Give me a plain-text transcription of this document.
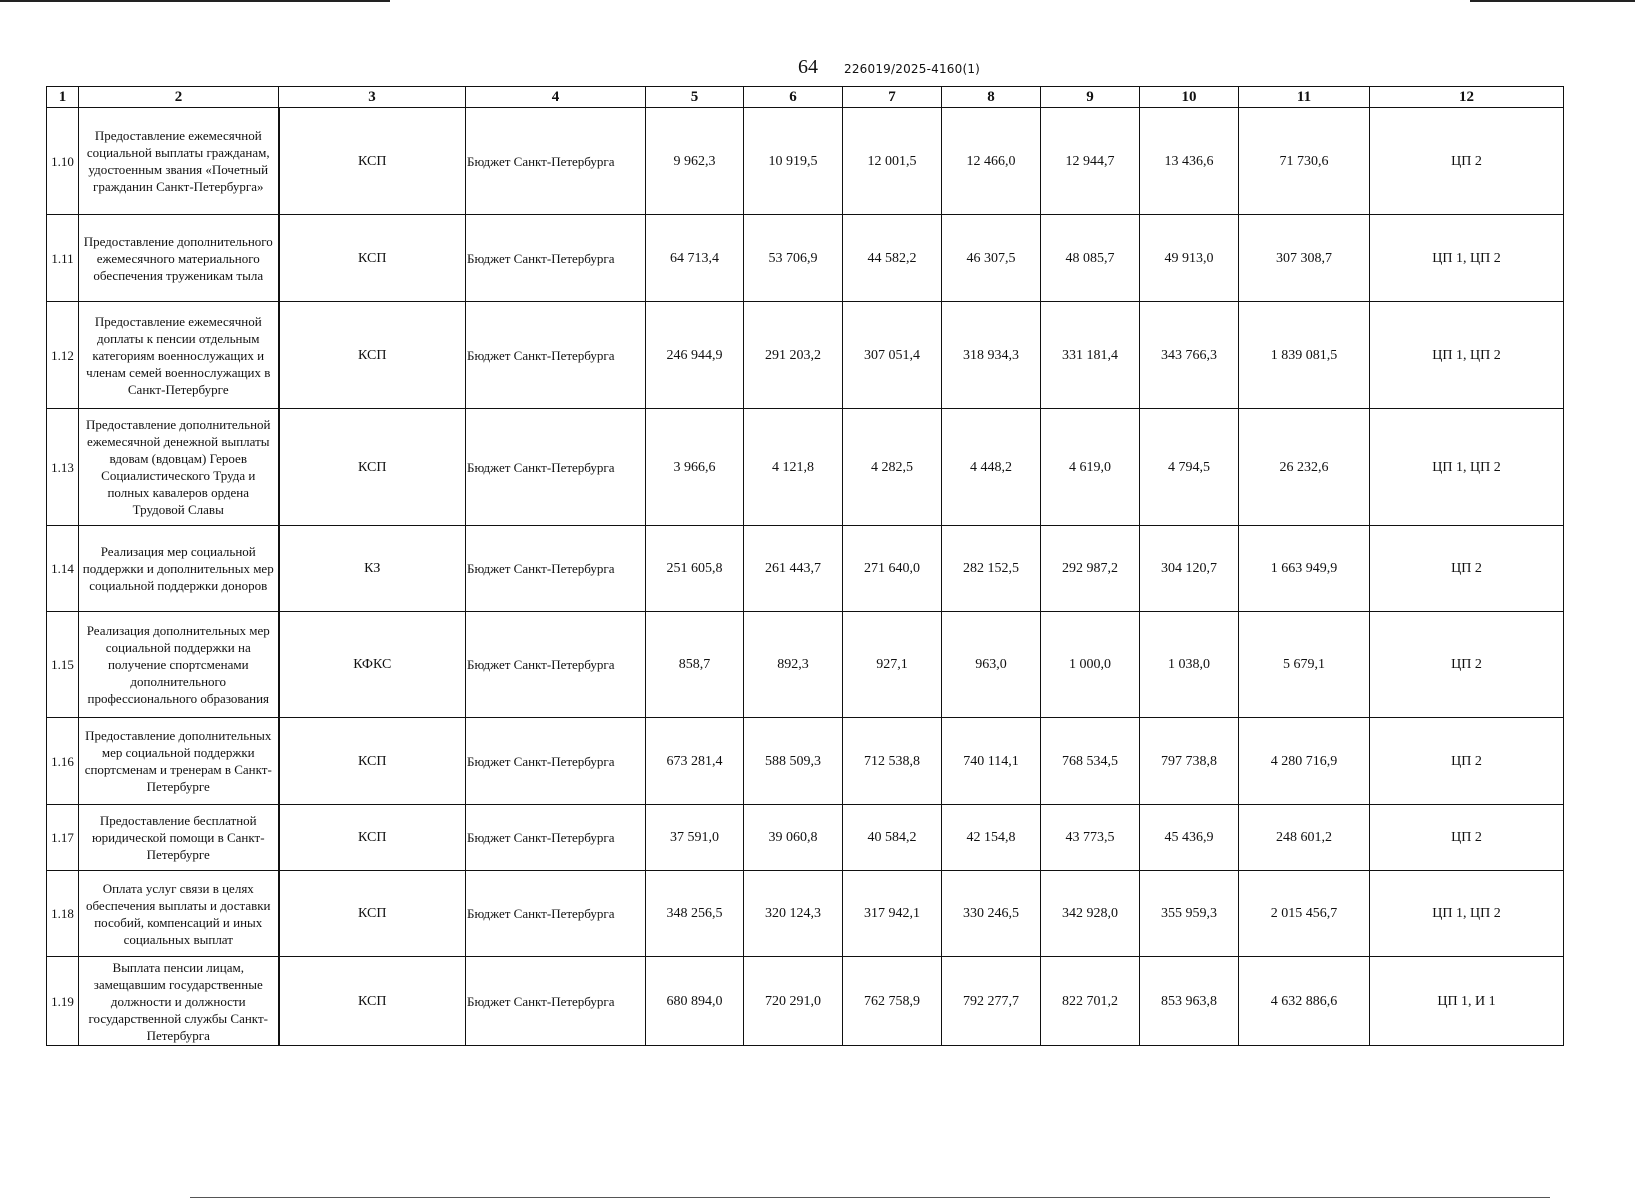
64 226019/2025-4160(1)
1	2	3	4	5	6	7	8	9	10	11	12
1.10	Предоставление ежемесячной социальной выплаты гражданам, удостоенным звания «Почетный гражданин Санкт-Петербурга»	КСП	Бюджет Санкт-Петербурга	9 962,3	10 919,5	12 001,5	12 466,0	12 944,7	13 436,6	71 730,6	ЦП 2
1.11	Предоставление дополнительного ежемесячного материального обеспечения труженикам тыла	КСП	Бюджет Санкт-Петербурга	64 713,4	53 706,9	44 582,2	46 307,5	48 085,7	49 913,0	307 308,7	ЦП 1, ЦП 2
1.12	Предоставление ежемесячной доплаты к пенсии отдельным категориям военнослужащих и членам семей военнослужащих в Санкт-Петербурге	КСП	Бюджет Санкт-Петербурга	246 944,9	291 203,2	307 051,4	318 934,3	331 181,4	343 766,3	1 839 081,5	ЦП 1, ЦП 2
1.13	Предоставление дополнительной ежемесячной денежной выплаты вдовам (вдовцам) Героев Социалистического Труда и полных кавалеров ордена Трудовой Славы	КСП	Бюджет Санкт-Петербурга	3 966,6	4 121,8	4 282,5	4 448,2	4 619,0	4 794,5	26 232,6	ЦП 1, ЦП 2
1.14	Реализация мер социальной поддержки и дополнительных мер социальной поддержки доноров	КЗ	Бюджет Санкт-Петербурга	251 605,8	261 443,7	271 640,0	282 152,5	292 987,2	304 120,7	1 663 949,9	ЦП 2
1.15	Реализация дополнительных мер социальной поддержки на получение спортсменами дополнительного профессионального образования	КФКС	Бюджет Санкт-Петербурга	858,7	892,3	927,1	963,0	1 000,0	1 038,0	5 679,1	ЦП 2
1.16	Предоставление дополнительных мер социальной поддержки спортсменам и тренерам в Санкт-Петербурге	КСП	Бюджет Санкт-Петербурга	673 281,4	588 509,3	712 538,8	740 114,1	768 534,5	797 738,8	4 280 716,9	ЦП 2
1.17	Предоставление бесплатной юридической помощи в Санкт-Петербурге	КСП	Бюджет Санкт-Петербурга	37 591,0	39 060,8	40 584,2	42 154,8	43 773,5	45 436,9	248 601,2	ЦП 2
1.18	Оплата услуг связи в целях обеспечения выплаты и доставки пособий, компенсаций и иных социальных выплат	КСП	Бюджет Санкт-Петербурга	348 256,5	320 124,3	317 942,1	330 246,5	342 928,0	355 959,3	2 015 456,7	ЦП 1, ЦП 2
1.19	Выплата пенсии лицам, замещавшим государственные должности и должности государственной службы Санкт-Петербурга	КСП	Бюджет Санкт-Петербурга	680 894,0	720 291,0	762 758,9	792 277,7	822 701,2	853 963,8	4 632 886,6	ЦП 1, И 1
